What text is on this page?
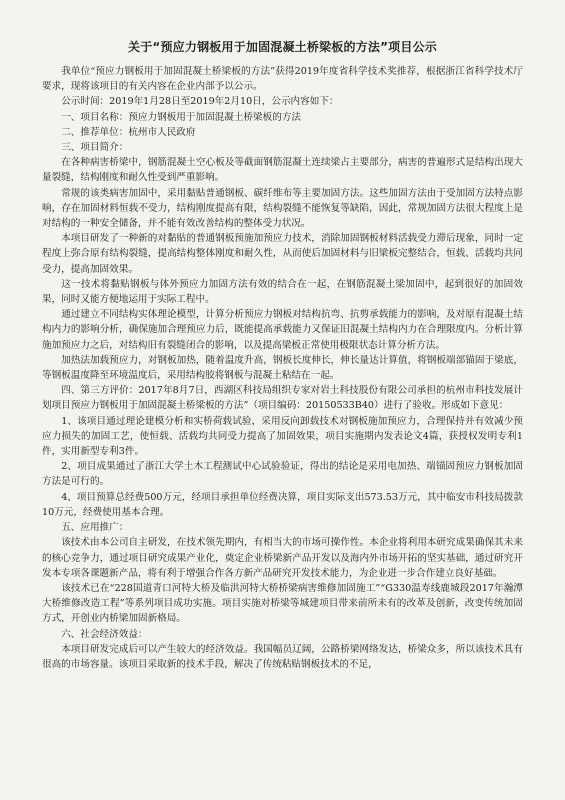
关于“预应力钢板用于加固混凝土桥梁板的方法”项目公示

我单位“预应力钢板用于加固混凝土桥梁板的方法”获得2019年度省科学技术奖推荐，根据浙江省科学技术厅要求，现将该项目的有关内容在企业内部予以公示。

公示时间：2019年1月28日至2019年2月10日，公示内容如下：

一、项目名称：预应力钢板用于加固混凝土桥梁板的方法

二、推荐单位：杭州市人民政府

三、项目简介：

在各种病害桥梁中，钢筋混凝土空心板及等截面钢筋混凝土连续梁占主要部分，病害的普遍形式是结构出现大量裂缝，结构刚度和耐久性受到严重影响。

常规的该类病害加固中，采用黏贴普通钢板、碳纤维布等主要加固方法。这些加固方法由于受加固方法特点影响，存在加固材料恒载不受力，结构刚度提高有限，结构裂缝不能恢复等缺陷，因此，常规加固方法很大程度上是对结构的一种安全储备，并不能有效改善结构的整体受力状况。

本项目研发了一种新的对黏贴的普通钢板预施加预应力技术，消除加固钢板材料活载受力滞后现象，同时一定程度上弥合原有结构裂缝，提高结构整体刚度和耐久性，从而使后加固材料与旧梁板完整结合，恒载、活载均共同受力，提高加固效果。

这一技术将黏贴钢板与体外预应力加固方法有效的结合在一起，在钢筋混凝土梁加固中，起到很好的加固效果，同时又能方便地运用于实际工程中。

通过建立不同结构实体理论模型，计算分析预应力钢板对结构抗弯、抗剪承载能力的影响，及对原有混凝土结构内力的影响分析，确保施加合理预应力后，既能提高承载能力又保证旧混凝土结构内力在合理限度内。分析计算施加预应力之后，对结构旧有裂缝闭合的影响，以及提高梁板正常使用极限状态计算分析方法。

加热法加载预应力，对钢板加热，随着温度升高，钢板长度伸长，伸长量达计算值，将钢板端部锚固于梁底，等钢板温度降至环境温度后，采用结构胶将钢板与混凝土粘结在一起。

四、第三方评价：2017年8月7日，西湖区科技局组织专家对岩土科技股份有限公司承担的杭州市科技发展计划项目预应力钢板用于加固混凝土桥梁板的方法”（项目编码：20150533B40）进行了验收。形成如下意见：

1、该项目通过理论建模分析和实桥荷载试验，采用反向卸载技术对钢板施加预应力，合理保持并有效减少预应力损失的加固工艺，使恒载、活载均共同受力提高了加固效果，项目实施期内发表论文4篇，获授权发明专利1件，实用新型专利3件。

2、项目成果通过了浙江大学土木工程测试中心试验验证，得出的结论是采用电加热、端锚固预应力钢板加固方法是可行的。

4、项目预算总经费500万元，经项目承担单位经费决算，项目实际支出573.53万元，其中临安市科技局拨款10万元，经费使用基本合理。

五、应用推广：

该技术由本公司自主研发，在技术领先期内，有相当大的市场可操作性。本企业将利用本研究成果确保其未来的核心竞争力，通过项目研究成果产业化，奠定企业桥梁新产品开发以及海内外市场开拓的坚实基础，通过研究开发本专项各课题新产品，将有利于增强合作各方新产品研究开发技术能力，为企业进一步合作建立良好基础。

该技术已在“228国道青口河特大桥及临洪河特大桥桥梁病害维修加固施工”“G330温寿线鹿城段2017年瀚潭大桥维修改造工程”等系列项目成功实施。项目实施对桥梁等城建项目带来前所未有的改革及创新，改变传统加固方式，开创业内桥梁加固新格局。

六、社会经济效益：

本项目研发完成后可以产生较大的经济效益。我国幅员辽阔，公路桥梁网络发达，桥梁众多，所以该技术具有很高的市场容量。该项目采取新的技术手段，解决了传统粘贴钢板技术的不足，
